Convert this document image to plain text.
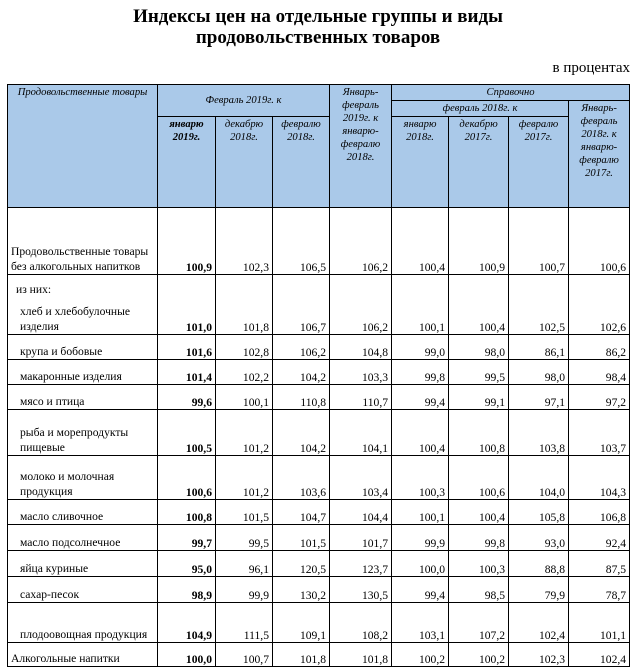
Индексы цен на отдельные группы и виды
продовольственных товаров
в процентах
Продовольственные товары	Февраль 2019г. к			Январь-февраль 2019г. к январю-февралю 2018г.	Справочно			
					февраль 2018г. к			Январь-февраль 2018г. к январю-февралю 2017г.
	январю 2019г.	декабрю 2018г.	февралю 2018г.		январю 2018г.	декабрю 2017г.	февралю 2017г.	
Продовольственные товары без алкогольных напитков	100,9	102,3	106,5	106,2	100,4	100,9	100,7	100,6
из них:								
хлеб и хлебобулочные изделия	101,0	101,8	106,7	106,2	100,1	100,4	102,5	102,6
крупа и бобовые	101,6	102,8	106,2	104,8	99,0	98,0	86,1	86,2
макаронные изделия	101,4	102,2	104,2	103,3	99,8	99,5	98,0	98,4
мясо и птица	99,6	100,1	110,8	110,7	99,4	99,1	97,1	97,2
рыба и морепродукты пищевые	100,5	101,2	104,2	104,1	100,4	100,8	103,8	103,7
молоко и молочная продукция	100,6	101,2	103,6	103,4	100,3	100,6	104,0	104,3
масло сливочное	100,8	101,5	104,7	104,4	100,1	100,4	105,8	106,8
масло подсолнечное	99,7	99,5	101,5	101,7	99,9	99,8	93,0	92,4
яйца куриные	95,0	96,1	120,5	123,7	100,0	100,3	88,8	87,5
сахар-песок	98,9	99,9	130,2	130,5	99,4	98,5	79,9	78,7
плодоовощная продукция	104,9	111,5	109,1	108,2	103,1	107,2	102,4	101,1
Алкогольные напитки	100,0	100,7	101,8	101,8	100,2	100,2	102,3	102,4
